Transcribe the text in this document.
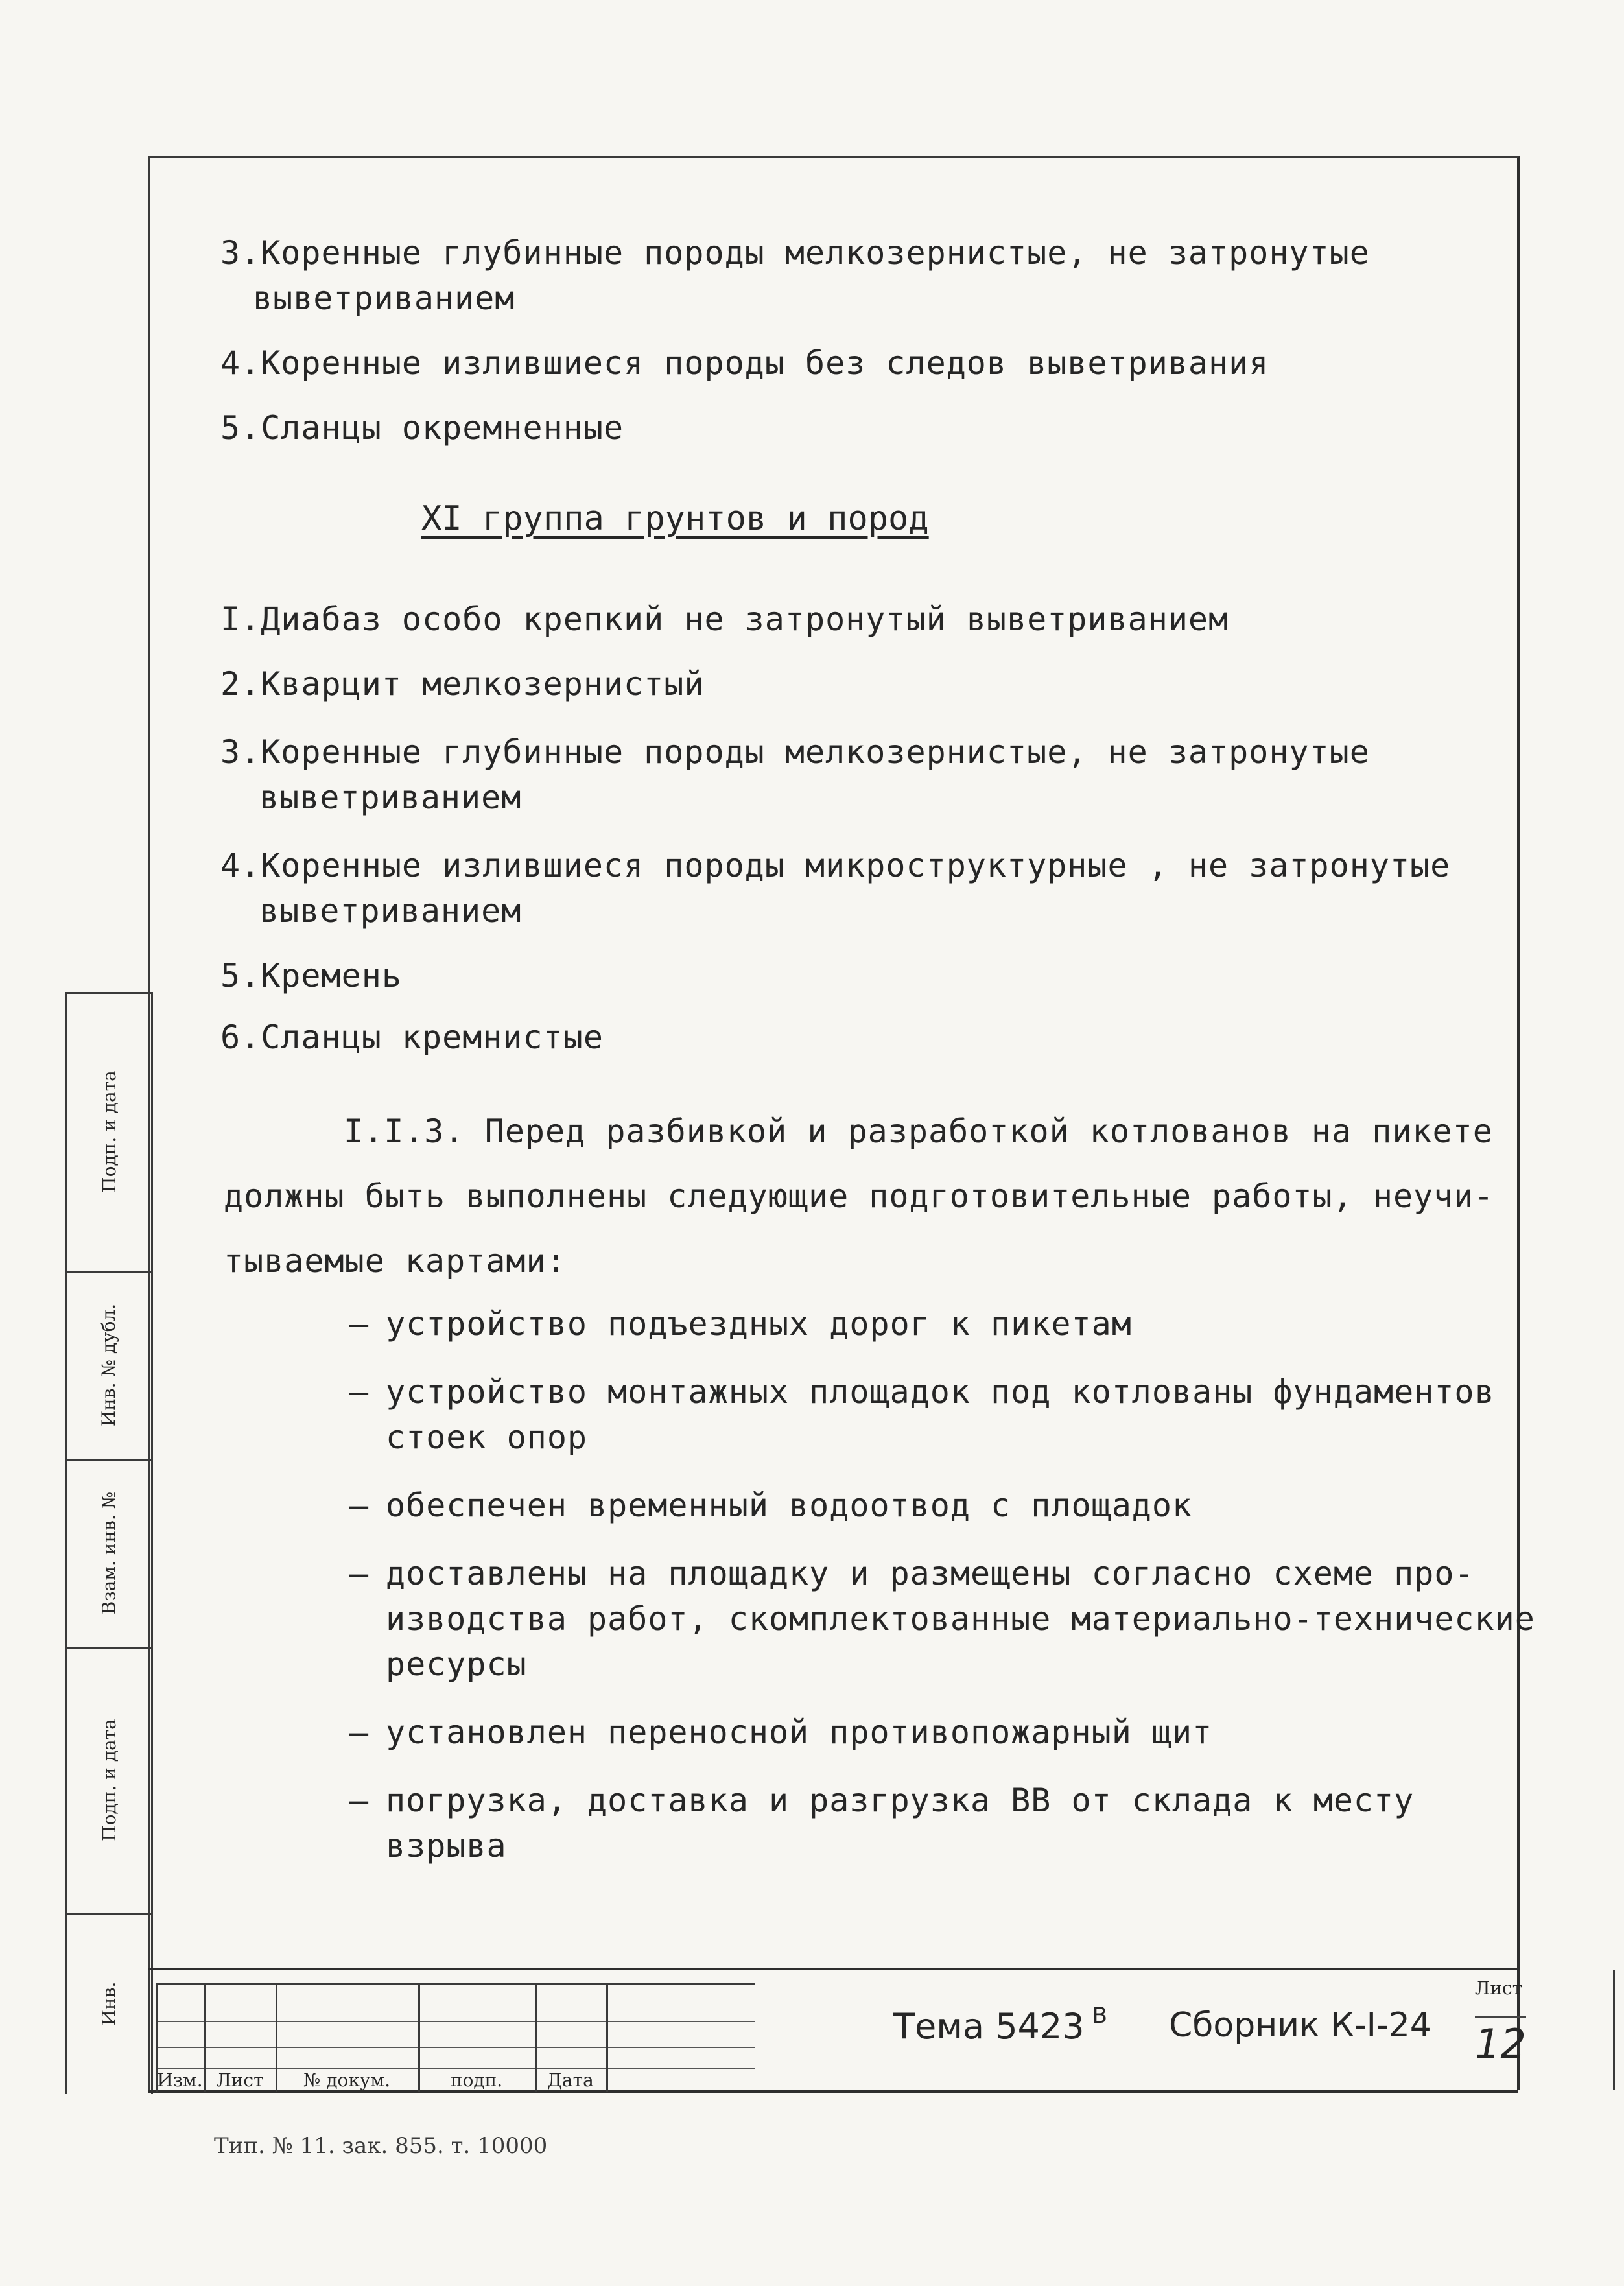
3.Коренные глубинные породы мелкозернистые, не затронутые
выветриванием
4.Коренные излившиеся породы без следов выветривания
5.Сланцы окремненные
XI группа грунтов и пород
I.Диабаз особо крепкий не затронутый выветриванием
2.Кварцит мелкозернистый
3.Коренные глубинные породы мелкозернистые, не затронутые
выветриванием
4.Коренные излившиеся породы микроструктурные , не затронутые
выветриванием
5.Кремень
6.Сланцы кремнистые
I.I.3. Перед разбивкой и разработкой котлованов на пикете
должны быть выполнены следующие подготовительные работы, неучи-
тываемые картами:
– устройство подъездных дорог к пикетам
– устройство монтажных площадок под котлованы фундаментов
стоек опор
– обеспечен временный водоотвод с площадок
– доставлены на площадку и размещены согласно схеме про-
изводства работ, скомплектованные материально-технические
ресурсы
– установлен переносной противопожарный щит
– погрузка, доставка и разгрузка ВВ от склада к месту
взрыва
Подп. и дата
Инв. № дубл.
Взам. инв. №
Подп. и дата
Инв.
Изм. Лист	№ докум.	подп.	Дата
Тема 5423 $^В$ Сборник К-I-24
Лист
12
Тип. № 11. зак. 855. т. 10000
